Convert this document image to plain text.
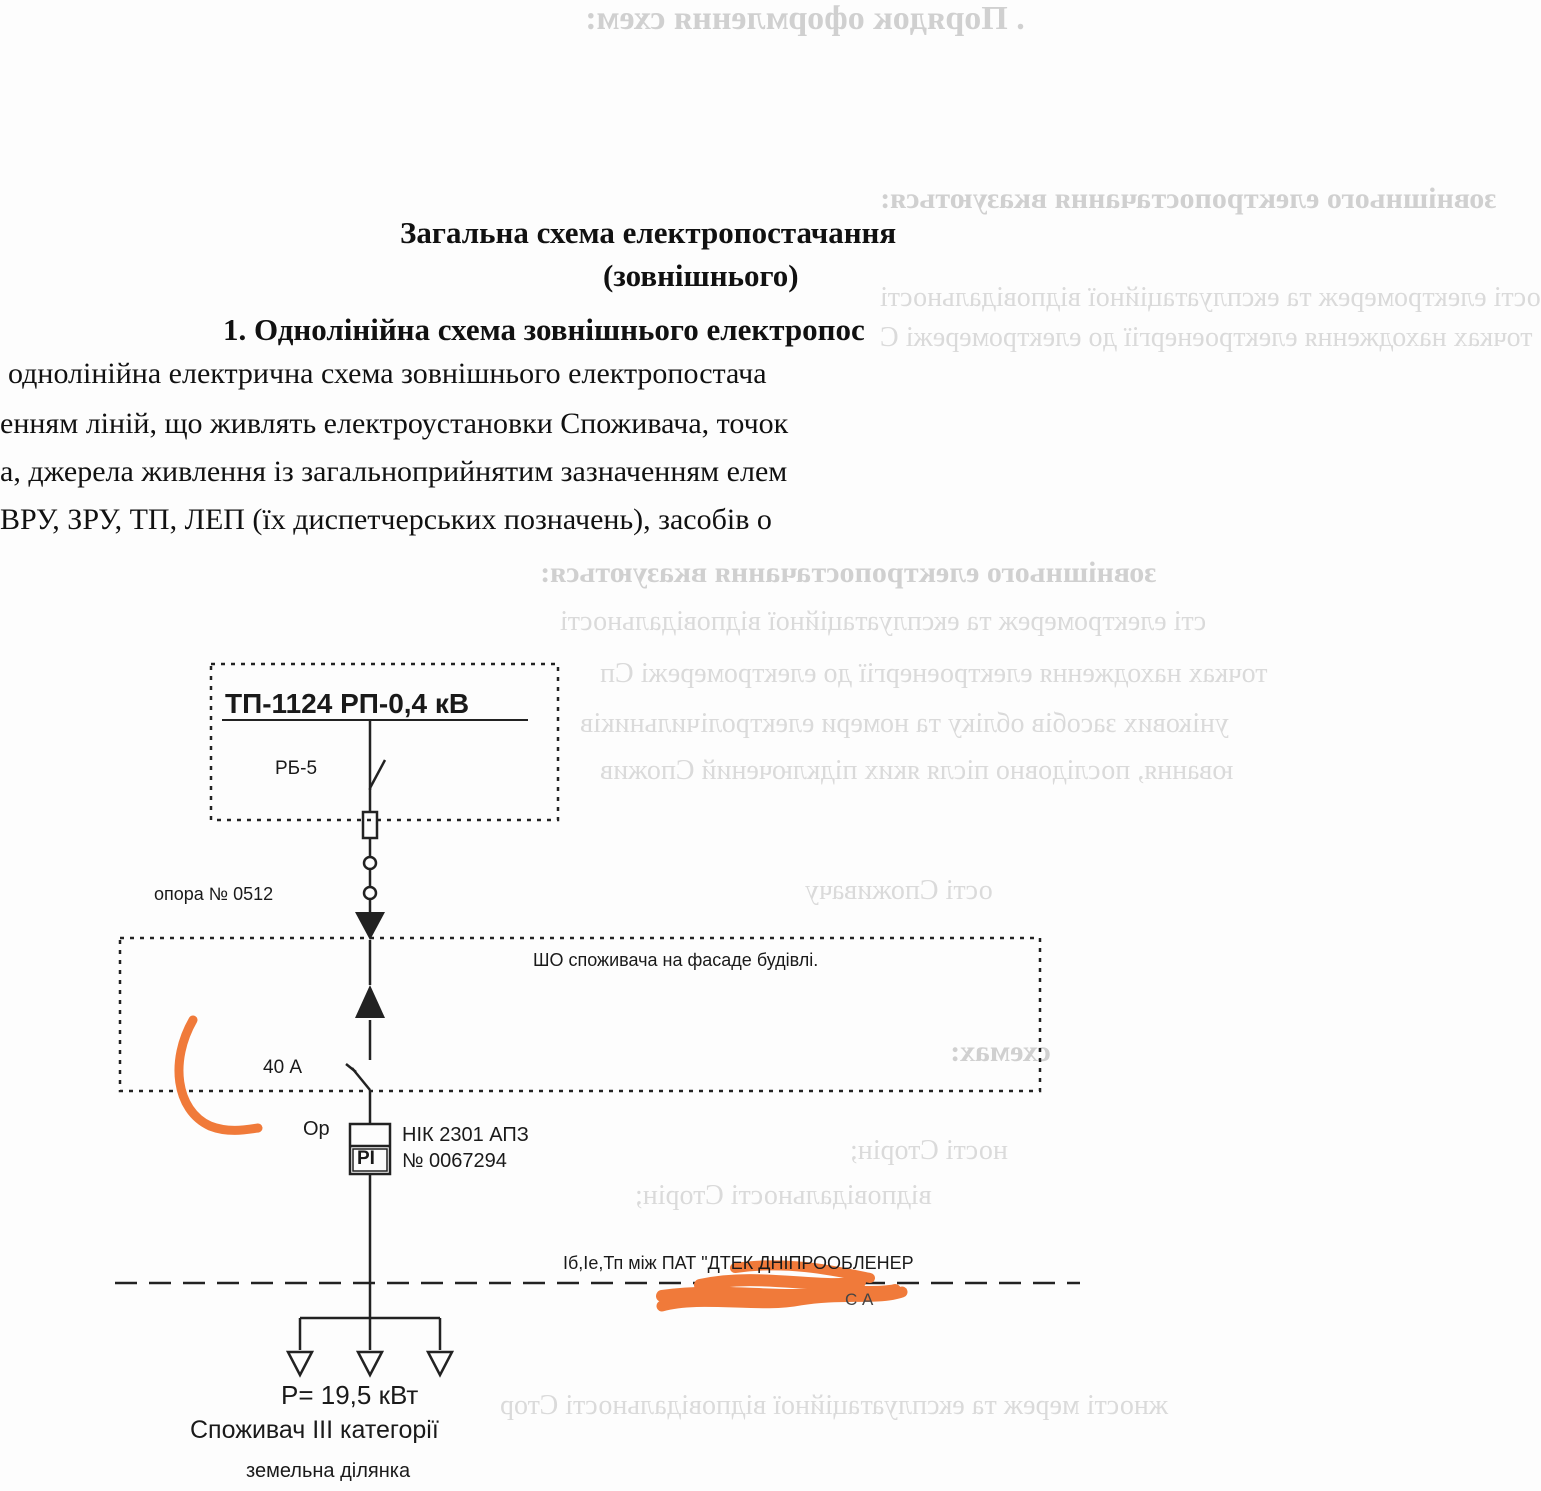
. Порядок оформлення схем:
зовнішнього електропостачання вказуються:
ості електромереж та експлуатаційної відповідальності
точках находження електроенергії до електромережі С
зовнішнього електропостачання вказуються:
сті електромереж та експлуатаційної відповідальності
точках находження електроенергії до електромережі Сп
унікових засобів обліку та номери електролічильників
ювання, послідовно після яких підключений Спожив
ості Споживачу
схемах:
ності Сторін;
відповідальності Сторін;
жності мереж та експлуатаційної відповідальності Стор
Загальна схема електропостачання
(зовнішнього)
1. Однолінійна схема зовнішнього електропос
однолінійна електрична схема зовнішнього електропостача
енням ліній, що живлять електроустановки Споживача, точок
а, джерела живлення із загальноприйнятим зазначенням елем
ВРУ, ЗРУ, ТП, ЛЕП (їх диспетчерських позначень), засобів о
ТП-1124 РП-0,4 кВ
РБ-5
опора № 0512
ШО споживача на фасаде будівлі.
40 А
Ор
РІ
НІК 2301 АПЗ
№ 0067294
Іб,Іе,Тп між ПАТ "ДТЕК ДНІПРООБЛЕНЕР
С А
Р= 19,5 кВт
Споживач ІІІ категорії
земельна ділянка
